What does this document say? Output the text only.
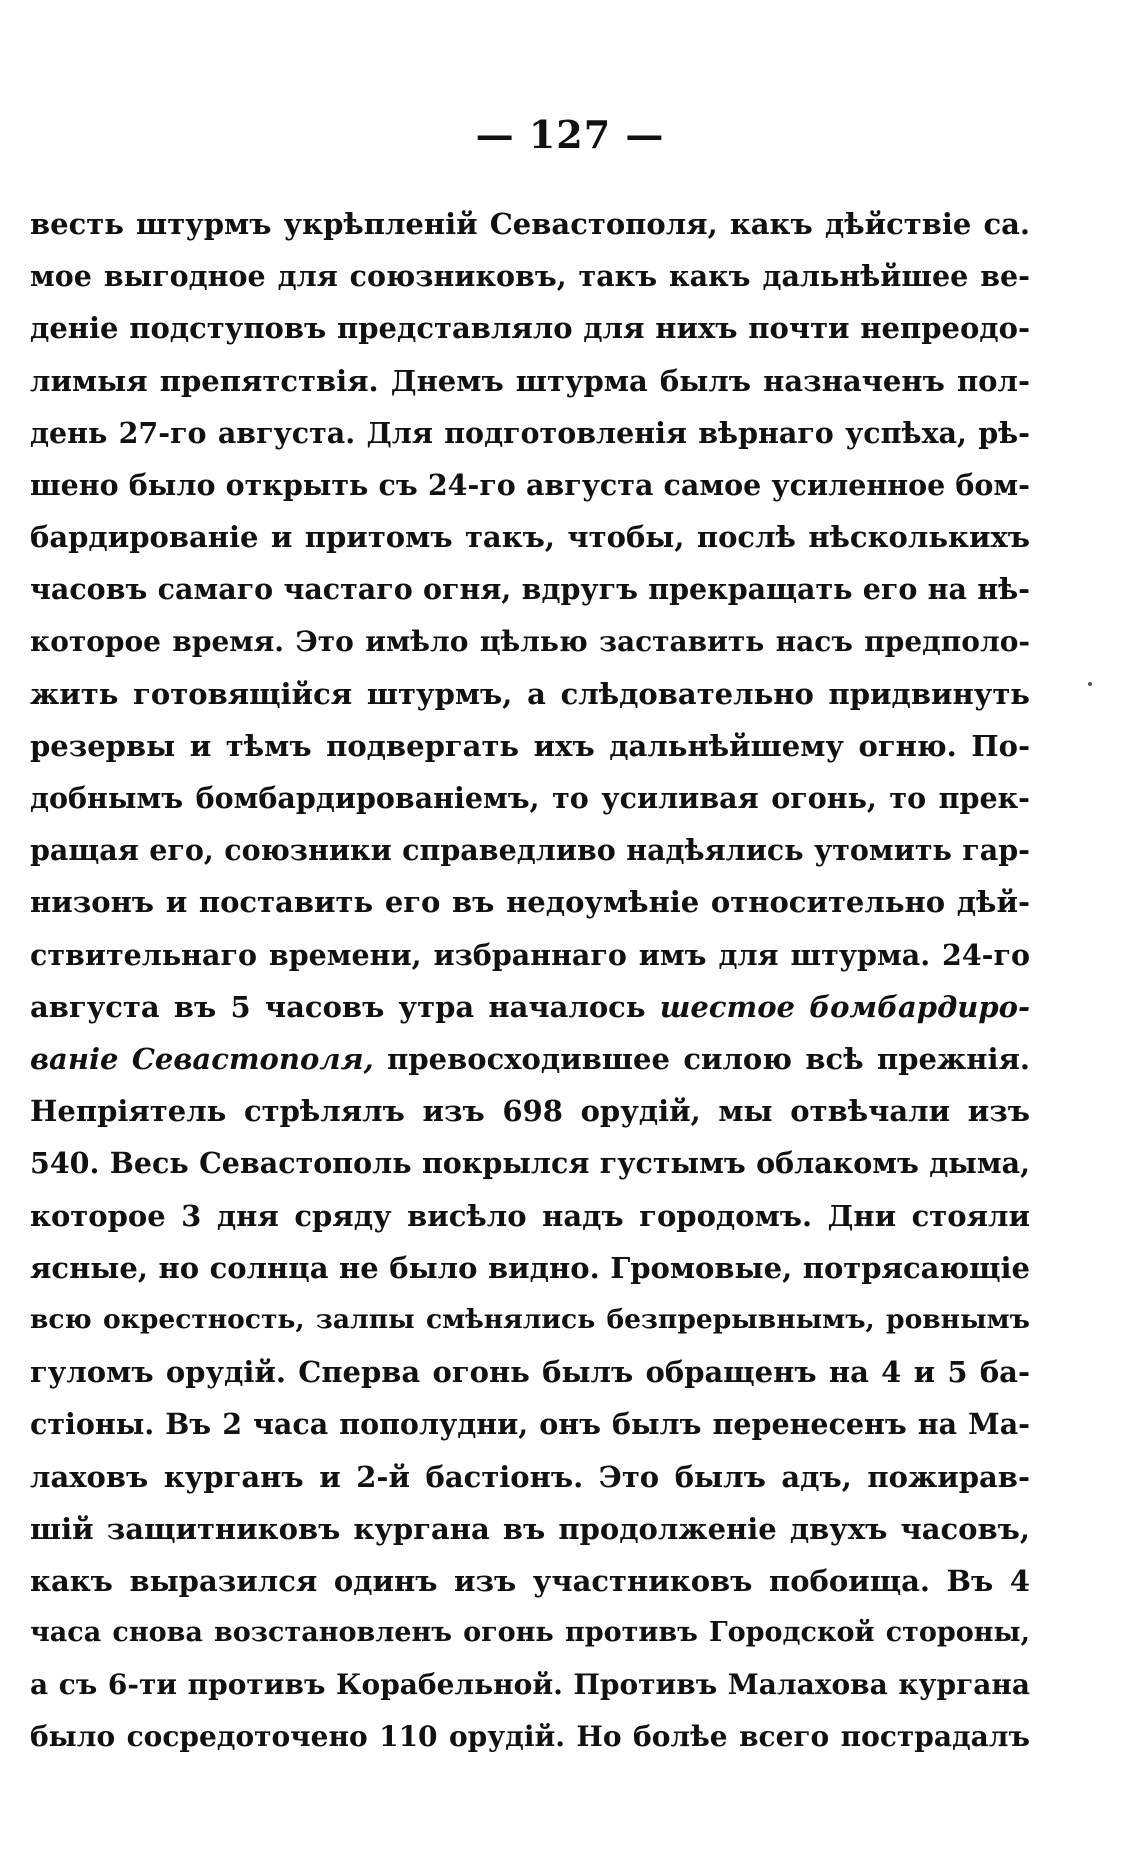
— 127 —
весть штурмъ укрѣпленій Севастополя, какъ дѣйствіе са.
мое выгодное для союзниковъ, такъ какъ дальнѣйшее ве-
деніе подступовъ представляло для нихъ почти непреодо-
лимыя препятствія. Днемъ штурма былъ назначенъ пол-
день 27-го августа. Для подготовленія вѣрнаго успѣха, рѣ-
шено было открыть съ 24-го августа самое усиленное бом-
бардированіе и притомъ такъ, чтобы, послѣ нѣсколькихъ
часовъ самаго частаго огня, вдругъ прекращать его на нѣ-
которое время. Это имѣло цѣлью заставить насъ предполо-
жить готовящійся штурмъ, а слѣдовательно придвинуть
резервы и тѣмъ подвергать ихъ дальнѣйшему огню. По-
добнымъ бомбардированіемъ, то усиливая огонь, то прек-
ращая его, союзники справедливо надѣялись утомить гар-
низонъ и поставить его въ недоумѣніе относительно дѣй-
ствительнаго времени, избраннаго имъ для штурма. 24-го
августа въ 5 часовъ утра началось шестое бомбардиро-
ваніе Севастополя, превосходившее силою всѣ прежнія.
Непріятель стрѣлялъ изъ 698 орудій, мы отвѣчали изъ
540. Весь Севастополь покрылся густымъ облакомъ дыма,
которое 3 дня сряду висѣло надъ городомъ. Дни стояли
ясные, но солнца не было видно. Громовые, потрясающіе
всю окрестность, залпы смѣнялись безпрерывнымъ, ровнымъ
гуломъ орудій. Сперва огонь былъ обращенъ на 4 и 5 ба-
стіоны. Въ 2 часа пополудни, онъ былъ перенесенъ на Ма-
лаховъ курганъ и 2-й бастіонъ. Это былъ адъ, пожирав-
шій защитниковъ кургана въ продолженіе двухъ часовъ,
какъ выразился одинъ изъ участниковъ побоища. Въ 4
часа снова возстановленъ огонь противъ Городской стороны,
а съ 6-ти противъ Корабельной. Противъ Малахова кургана
было сосредоточено 110 орудій. Но болѣе всего пострадалъ
